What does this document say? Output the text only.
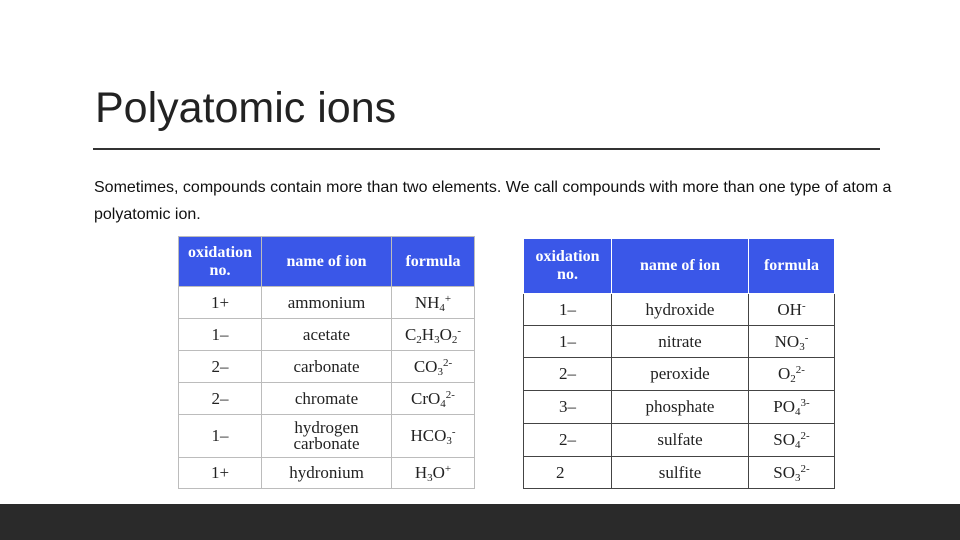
Polyatomic ions

Sometimes, compounds contain more than two elements. We call compounds with more than one type of atom a polyatomic ion.

oxidation no.	name of ion	formula
1+	ammonium	$NH_4^+$
1–	acetate	$C_2H_3O_2^-$
2–	carbonate	$CO_3^{2-}$
2–	chromate	CrO$_4^{2-}$
1–	hydrogen carbonate	$HCO_3^-$
1+	hydronium	$H_3O^+$
oxidation no.	name of ion	formula
1–	hydroxide	OH-
1–	nitrate	$NO_3^-$
2–	peroxide	$O_2^{2-}$
3–	phosphate	$PO_4^{3-}$
2–	sulfate	$SO_4^{2-}$
2	sulfite	$SO_3^{2-}$
